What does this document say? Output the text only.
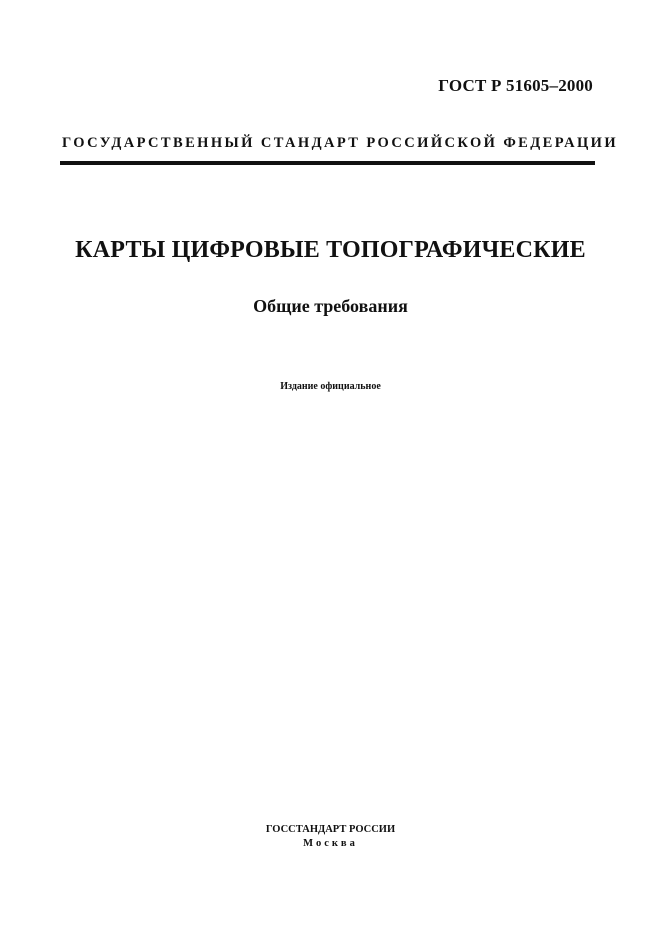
ГОСТ Р 51605–2000
ГОСУДАРСТВЕННЫЙ СТАНДАРТ РОССИЙСКОЙ ФЕДЕРАЦИИ
КАРТЫ ЦИФРОВЫЕ ТОПОГРАФИЧЕСКИЕ
Общие требования
Издание официальное
ГОССТАНДАРТ РОССИИ
Москва
